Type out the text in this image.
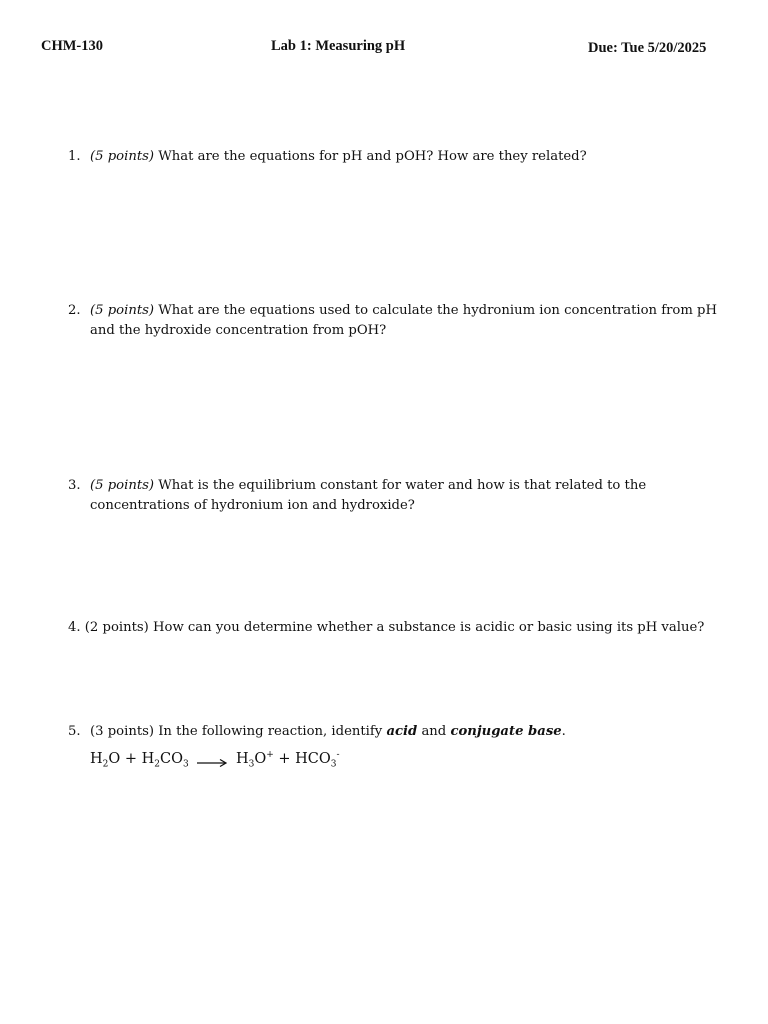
CHM-130	Lab 1: Measuring pH	Due: Tue 5/20/2025
1. (5 points) What are the equations for pH and pOH? How are they related?
2. (5 points) What are the equations used to calculate the hydronium ion concentration from pH and the hydroxide concentration from pOH?
3. (5 points) What is the equilibrium constant for water and how is that related to the concentrations of hydronium ion and hydroxide?
4. (2 points) How can you determine whether a substance is acidic or basic using its pH value?
5. (3 points) In the following reaction, identify acid and conjugate base.
$H_2O + H_2CO_3 \to H_3O^+ + HCO_3^-$
